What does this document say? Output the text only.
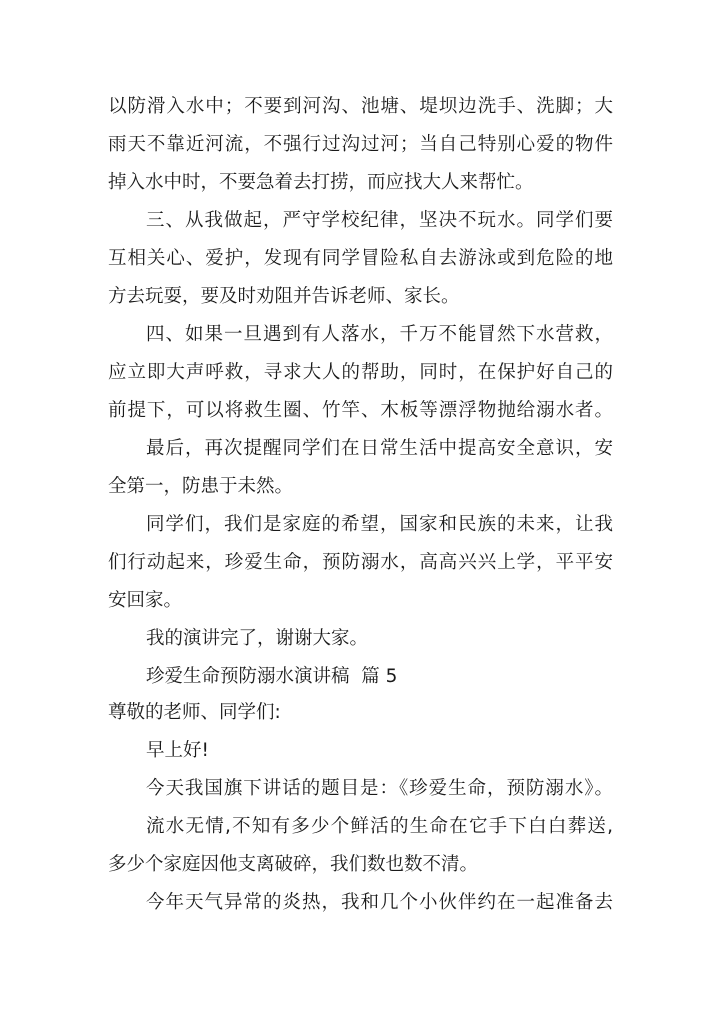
以防滑入水中；不要到河沟、池塘、堤坝边洗手、洗脚；大
雨天不靠近河流，不强行过沟过河；当自己特别心爱的物件
掉入水中时，不要急着去打捞，而应找大人来帮忙。
三、从我做起，严守学校纪律，坚决不玩水。同学们要
互相关心、爱护，发现有同学冒险私自去游泳或到危险的地
方去玩耍，要及时劝阻并告诉老师、家长。
四、如果一旦遇到有人落水，千万不能冒然下水营救，
应立即大声呼救，寻求大人的帮助，同时，在保护好自己的
前提下，可以将救生圈、竹竿、木板等漂浮物抛给溺水者。
最后，再次提醒同学们在日常生活中提高安全意识，安
全第一，防患于未然。
同学们，我们是家庭的希望，国家和民族的未来，让我
们行动起来，珍爱生命，预防溺水，高高兴兴上学，平平安
安回家。
我的演讲完了，谢谢大家。
珍爱生命预防溺水演讲稿  篇 5
尊敬的老师、同学们:
早上好!
今天我国旗下讲话的题目是：《珍爱生命，预防溺水》。
流水无情,不知有多少个鲜活的生命在它手下白白葬送,
多少个家庭因他支离破碎，我们数也数不清。
今年天气异常的炎热，我和几个小伙伴约在一起准备去
